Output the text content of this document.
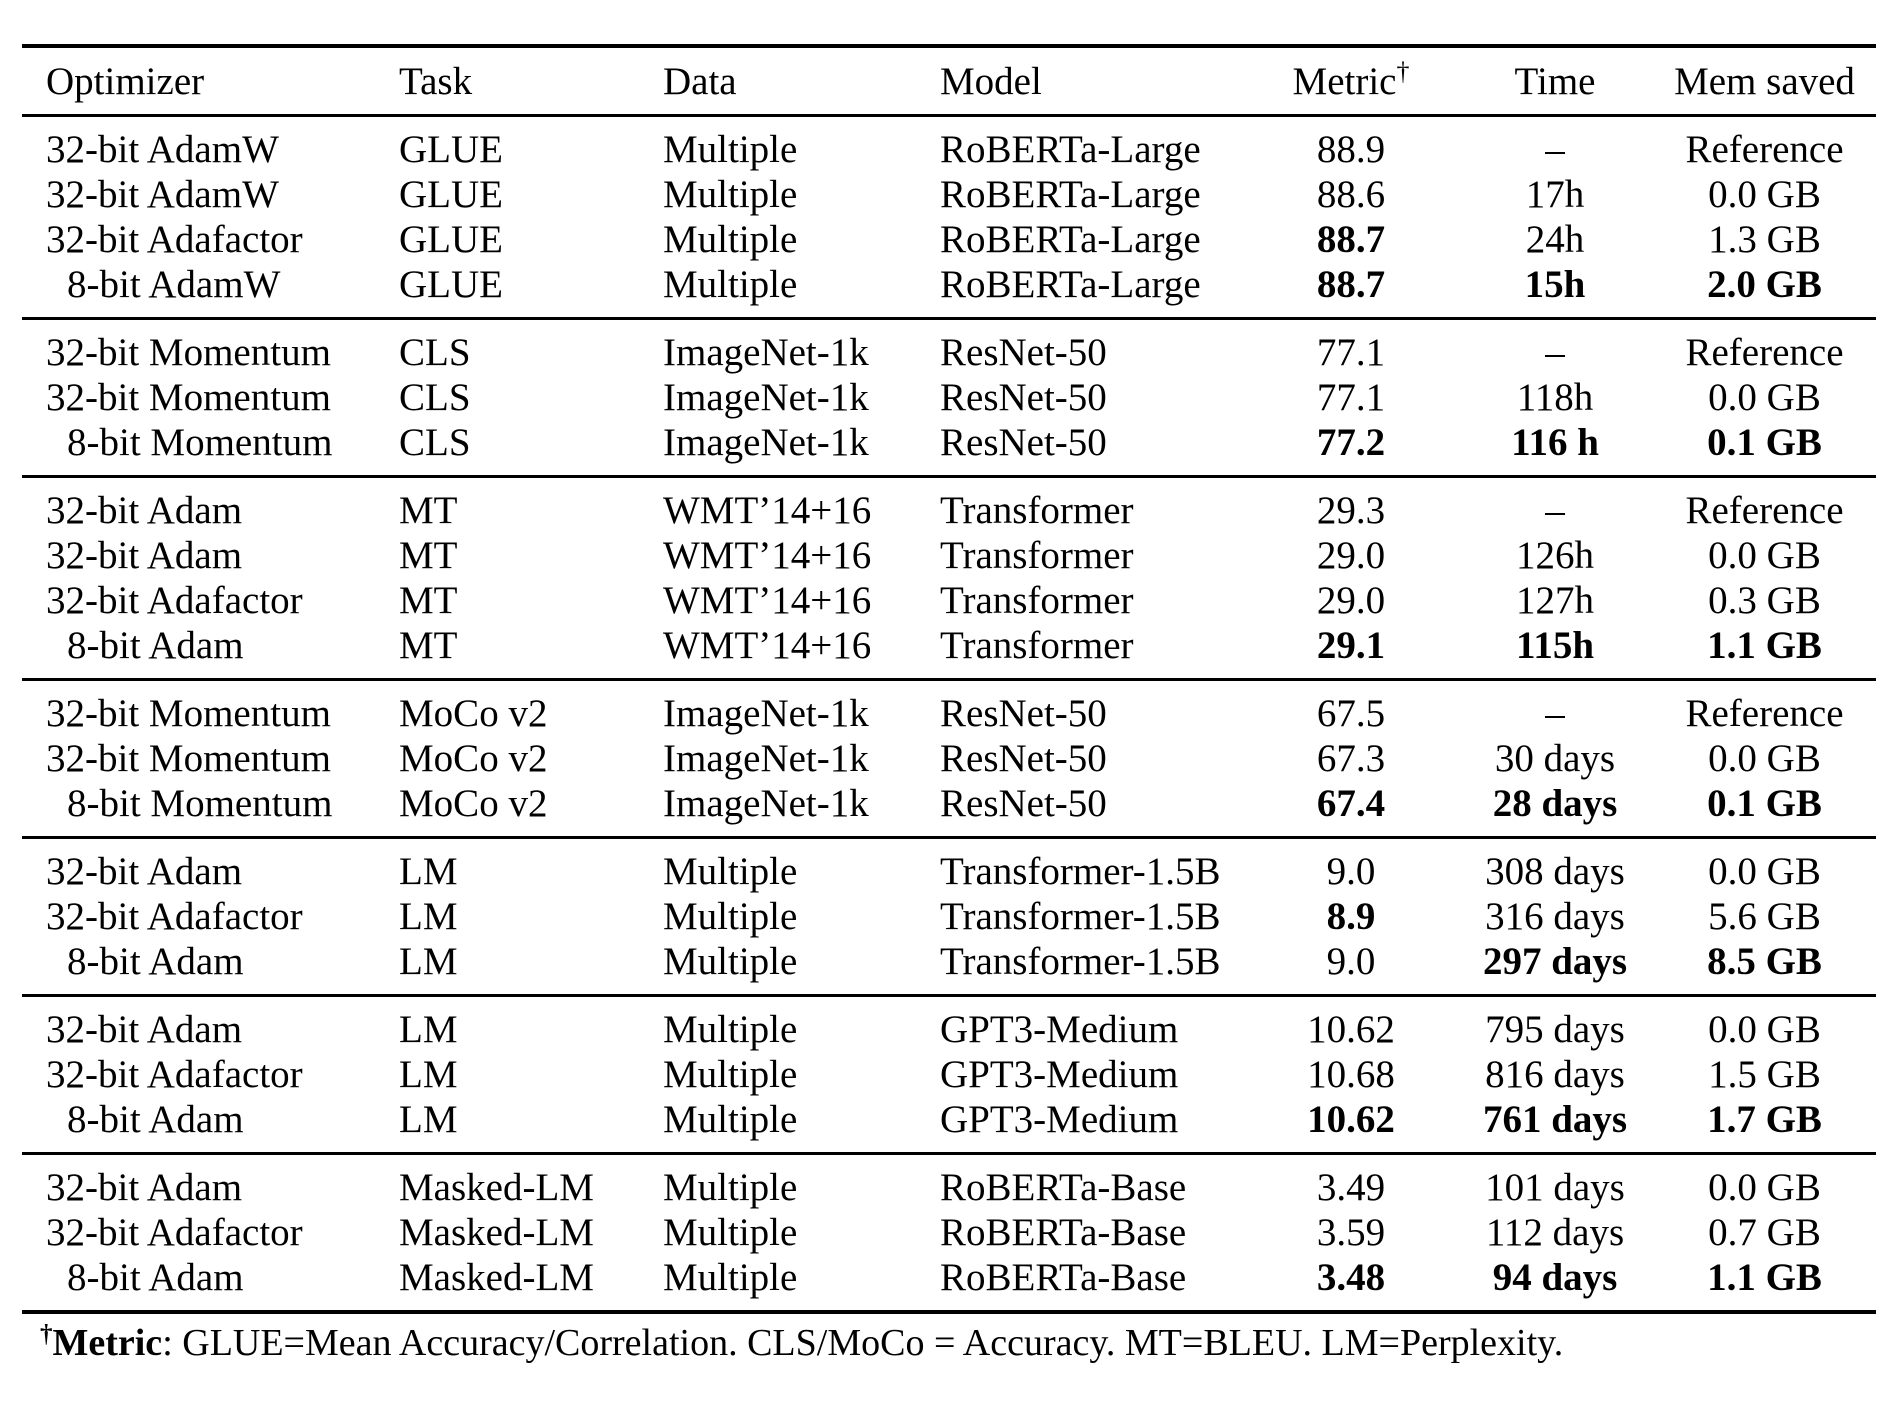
Optimizer	Task	Data	Model	Metric†	Time	Mem saved
32-bit AdamW	GLUE	Multiple	RoBERTa-Large	88.9	–	Reference
32-bit AdamW	GLUE	Multiple	RoBERTa-Large	88.6	17h	0.0 GB
32-bit Adafactor	GLUE	Multiple	RoBERTa-Large	88.7	24h	1.3 GB
8-bit AdamW	GLUE	Multiple	RoBERTa-Large	88.7	15h	2.0 GB
32-bit Momentum	CLS	ImageNet-1k	ResNet-50	77.1	–	Reference
32-bit Momentum	CLS	ImageNet-1k	ResNet-50	77.1	118h	0.0 GB
8-bit Momentum	CLS	ImageNet-1k	ResNet-50	77.2	116 h	0.1 GB
32-bit Adam	MT	WMT’14+16	Transformer	29.3	–	Reference
32-bit Adam	MT	WMT’14+16	Transformer	29.0	126h	0.0 GB
32-bit Adafactor	MT	WMT’14+16	Transformer	29.0	127h	0.3 GB
8-bit Adam	MT	WMT’14+16	Transformer	29.1	115h	1.1 GB
32-bit Momentum	MoCo v2	ImageNet-1k	ResNet-50	67.5	–	Reference
32-bit Momentum	MoCo v2	ImageNet-1k	ResNet-50	67.3	30 days	0.0 GB
8-bit Momentum	MoCo v2	ImageNet-1k	ResNet-50	67.4	28 days	0.1 GB
32-bit Adam	LM	Multiple	Transformer-1.5B	9.0	308 days	0.0 GB
32-bit Adafactor	LM	Multiple	Transformer-1.5B	8.9	316 days	5.6 GB
8-bit Adam	LM	Multiple	Transformer-1.5B	9.0	297 days	8.5 GB
32-bit Adam	LM	Multiple	GPT3-Medium	10.62	795 days	0.0 GB
32-bit Adafactor	LM	Multiple	GPT3-Medium	10.68	816 days	1.5 GB
8-bit Adam	LM	Multiple	GPT3-Medium	10.62	761 days	1.7 GB
32-bit Adam	Masked-LM	Multiple	RoBERTa-Base	3.49	101 days	0.0 GB
32-bit Adafactor	Masked-LM	Multiple	RoBERTa-Base	3.59	112 days	0.7 GB
8-bit Adam	Masked-LM	Multiple	RoBERTa-Base	3.48	94 days	1.1 GB
†Metric: GLUE=Mean Accuracy/Correlation. CLS/MoCo = Accuracy. MT=BLEU. LM=Perplexity.
